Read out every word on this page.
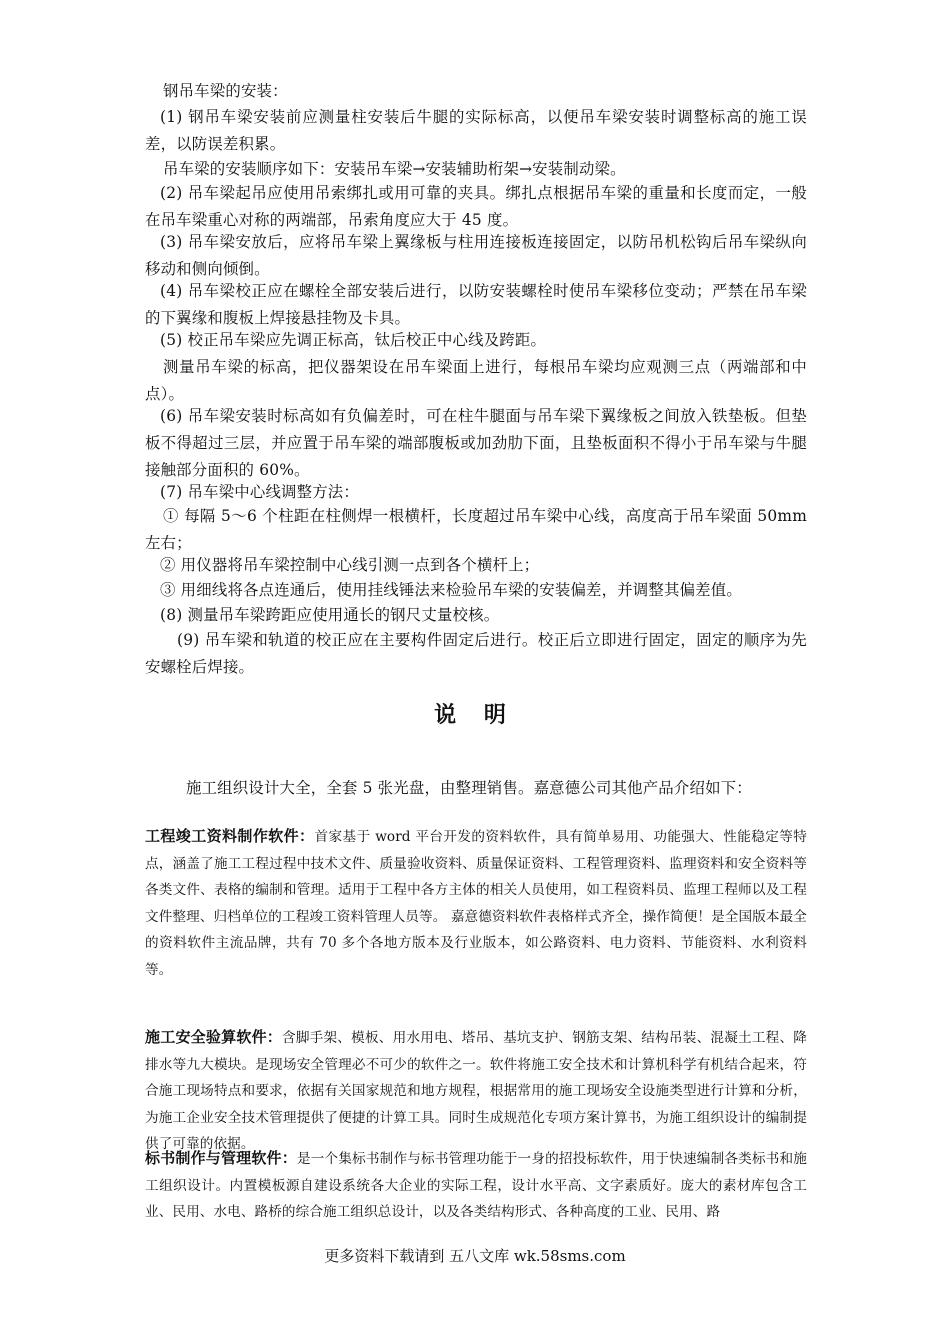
钢吊车梁的安装：

(1) 钢吊车梁安装前应测量柱安装后牛腿的实际标高，以便吊车梁安装时调整标高的施工误差，以防误差积累。

吊车梁的安装顺序如下：安装吊车梁→安装辅助桁架→安装制动梁。

(2) 吊车梁起吊应使用吊索绑扎或用可靠的夹具。绑扎点根据吊车梁的重量和长度而定，一般在吊车梁重心对称的两端部，吊索角度应大于 45 度。

(3) 吊车梁安放后，应将吊车梁上翼缘板与柱用连接板连接固定，以防吊机松钩后吊车梁纵向移动和侧向倾倒。

(4) 吊车梁校正应在螺栓全部安装后进行，以防安装螺栓时使吊车梁移位变动；严禁在吊车梁的下翼缘和腹板上焊接悬挂物及卡具。

(5) 校正吊车梁应先调正标高，钛后校正中心线及跨距。

测量吊车梁的标高，把仪器架设在吊车梁面上进行，每根吊车梁均应观测三点（两端部和中点）。

(6) 吊车梁安装时标高如有负偏差时，可在柱牛腿面与吊车梁下翼缘板之间放入铁垫板。但垫板不得超过三层，并应置于吊车梁的端部腹板或加劲肋下面，且垫板面积不得小于吊车梁与牛腿接触部分面积的 60%。

(7) 吊车梁中心线调整方法：

① 每隔 5～6 个柱距在柱侧焊一根横杆，长度超过吊车梁中心线，高度高于吊车梁面 50mm 左右；

② 用仪器将吊车梁控制中心线引测一点到各个横杆上；

③ 用细线将各点连通后，使用挂线锤法来检验吊车梁的安装偏差，并调整其偏差值。

(8) 测量吊车梁跨距应使用通长的钢尺丈量校核。

(9) 吊车梁和轨道的校正应在主要构件固定后进行。校正后立即进行固定，固定的顺序为先安螺栓后焊接。

说 明

施工组织设计大全，全套 5 张光盘，由整理销售。嘉意德公司其他产品介绍如下：

工程竣工资料制作软件：首家基于 word 平台开发的资料软件，具有简单易用、功能强大、性能稳定等特点，涵盖了施工工程过程中技术文件、质量验收资料、质量保证资料、工程管理资料、监理资料和安全资料等各类文件、表格的编制和管理。适用于工程中各方主体的相关人员使用，如工程资料员、监理工程师以及工程文件整理、归档单位的工程竣工资料管理人员等。 嘉意德资料软件表格样式齐全，操作简便！是全国版本最全的资料软件主流品牌，共有 70 多个各地方版本及行业版本，如公路资料、电力资料、节能资料、水利资料等。

施工安全验算软件：含脚手架、模板、用水用电、塔吊、基坑支护、钢筋支架、结构吊装、混凝土工程、降排水等九大模块。是现场安全管理必不可少的软件之一。软件将施工安全技术和计算机科学有机结合起来，符合施工现场特点和要求，依据有关国家规范和地方规程，根据常用的施工现场安全设施类型进行计算和分析，为施工企业安全技术管理提供了便捷的计算工具。同时生成规范化专项方案计算书，为施工组织设计的编制提供了可靠的依据。

标书制作与管理软件：是一个集标书制作与标书管理功能于一身的招投标软件，用于快速编制各类标书和施工组织设计。内置模板源自建设系统各大企业的实际工程，设计水平高、文字素质好。庞大的素材库包含工业、民用、水电、路桥的综合施工组织总设计，以及各类结构形式、各种高度的工业、民用、路

更多资料下载请到 五八文库 wk.58sms.com
